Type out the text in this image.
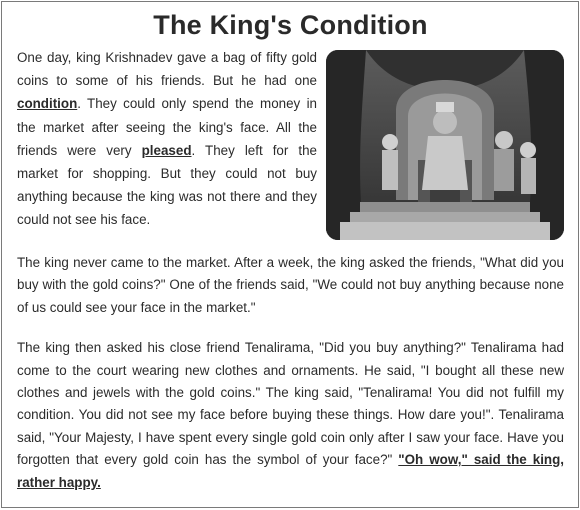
The King's Condition

One day, king Krishnadev gave a bag of fifty gold coins to some of his friends. But he had one condition. They could only spend the money in the market after seeing the king's face. All the friends were very pleased. They left for the market for shopping. But they could not buy anything because the king was not there and they could not see his face.

The king never came to the market. After a week, the king asked the friends, "What did you buy with the gold coins?" One of the friends said, "We could not buy anything because none of us could see your face in the market."

The king then asked his close friend Tenalirama, "Did you buy anything?" Tenalirama had come to the court wearing new clothes and ornaments. He said, "I bought all these new clothes and jewels with the gold coins." The king said, "Tenalirama! You did not fulfill my condition. You did not see my face before buying these things. How dare you!". Tenalirama said, "Your Majesty, I have spent every single gold coin only after I saw your face. Have you forgotten that every gold coin has the symbol of your face?" "Oh wow," said the king, rather happy.
